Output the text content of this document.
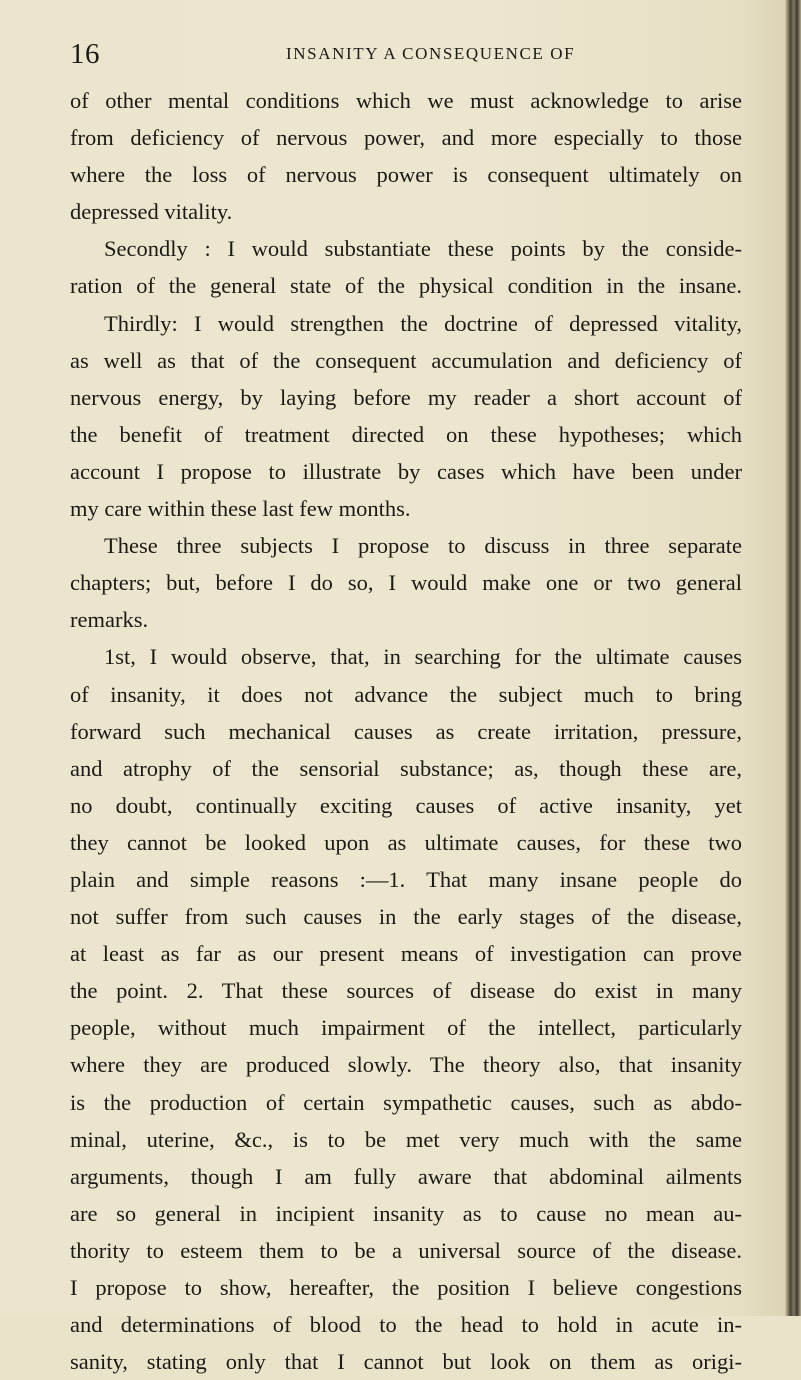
16	INSANITY A CONSEQUENCE OF
of other mental conditions which we must acknowledge to arise
from deficiency of nervous power, and more especially to those
where the loss of nervous power is consequent ultimately on
depressed vitality.
Secondly : I would substantiate these points by the conside-
ration of the general state of the physical condition in the insane.
Thirdly: I would strengthen the doctrine of depressed vitality,
as well as that of the consequent accumulation and deficiency of
nervous energy, by laying before my reader a short account of
the benefit of treatment directed on these hypotheses; which
account I propose to illustrate by cases which have been under
my care within these last few months.
These three subjects I propose to discuss in three separate
chapters; but, before I do so, I would make one or two general
remarks.
1st, I would observe, that, in searching for the ultimate causes
of insanity, it does not advance the subject much to bring
forward such mechanical causes as create irritation, pressure,
and atrophy of the sensorial substance; as, though these are,
no doubt, continually exciting causes of active insanity, yet
they cannot be looked upon as ultimate causes, for these two
plain and simple reasons :—1. That many insane people do
not suffer from such causes in the early stages of the disease,
at least as far as our present means of investigation can prove
the point. 2. That these sources of disease do exist in many
people, without much impairment of the intellect, particularly
where they are produced slowly. The theory also, that insanity
is the production of certain sympathetic causes, such as abdo-
minal, uterine, &c., is to be met very much with the same
arguments, though I am fully aware that abdominal ailments
are so general in incipient insanity as to cause no mean au-
thority to esteem them to be a universal source of the disease.
I propose to show, hereafter, the position I believe congestions
and determinations of blood to the head to hold in acute in-
sanity, stating only that I cannot but look on them as origi-
